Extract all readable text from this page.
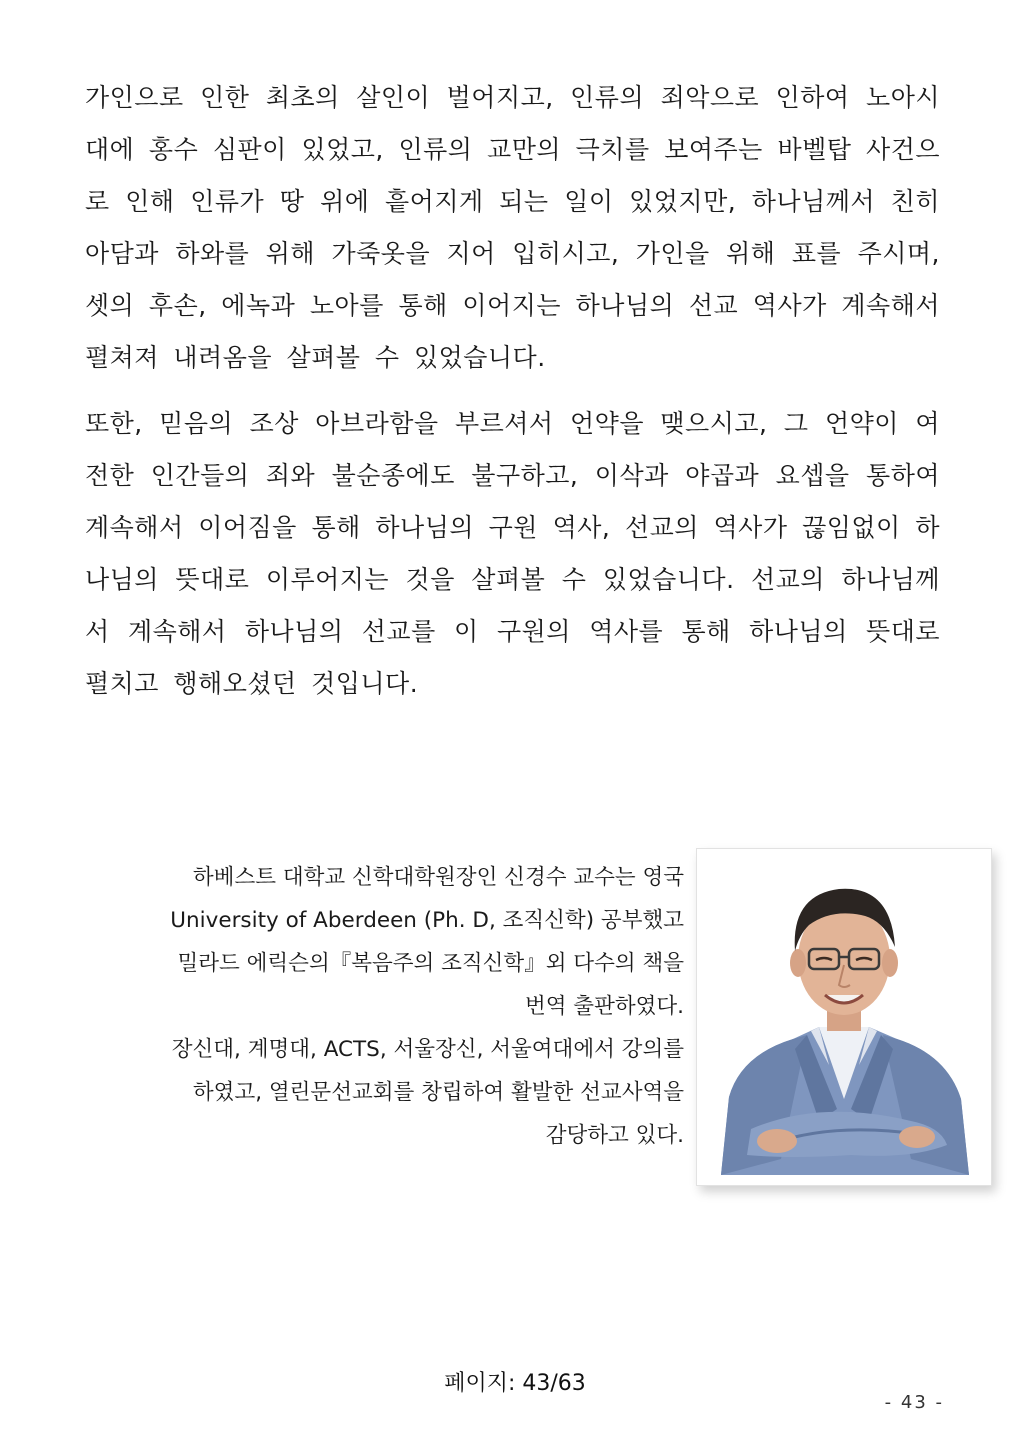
가인으로 인한 최초의 살인이 벌어지고, 인류의 죄악으로 인하여 노아시대에 홍수 심판이 있었고, 인류의 교만의 극치를 보여주는 바벨탑 사건으로 인해 인류가 땅 위에 흩어지게 되는 일이 있었지만, 하나님께서 친히 아담과 하와를 위해 가죽옷을 지어 입히시고, 가인을 위해 표를 주시며, 셋의 후손, 에녹과 노아를 통해 이어지는 하나님의 선교 역사가 계속해서 펼쳐져 내려옴을 살펴볼 수 있었습니다.

또한, 믿음의 조상 아브라함을 부르셔서 언약을 맺으시고, 그 언약이 여전한 인간들의 죄와 불순종에도 불구하고, 이삭과 야곱과 요셉을 통하여 계속해서 이어짐을 통해 하나님의 구원 역사, 선교의 역사가 끊임없이 하나님의 뜻대로 이루어지는 것을 살펴볼 수 있었습니다. 선교의 하나님께서 계속해서 하나님의 선교를 이 구원의 역사를 통해 하나님의 뜻대로 펼치고 행해오셨던 것입니다.

하베스트 대학교 신학대학원장인 신경수 교수는 영국

University of Aberdeen (Ph. D, 조직신학) 공부했고

밀라드 에릭슨의『복음주의 조직신학』외 다수의 책을

번역 출판하였다.

장신대, 계명대, ACTS, 서울장신, 서울여대에서 강의를

하였고, 열린문선교회를 창립하여 활발한 선교사역을

감당하고 있다.

페이지: 43/63
- 43 -
